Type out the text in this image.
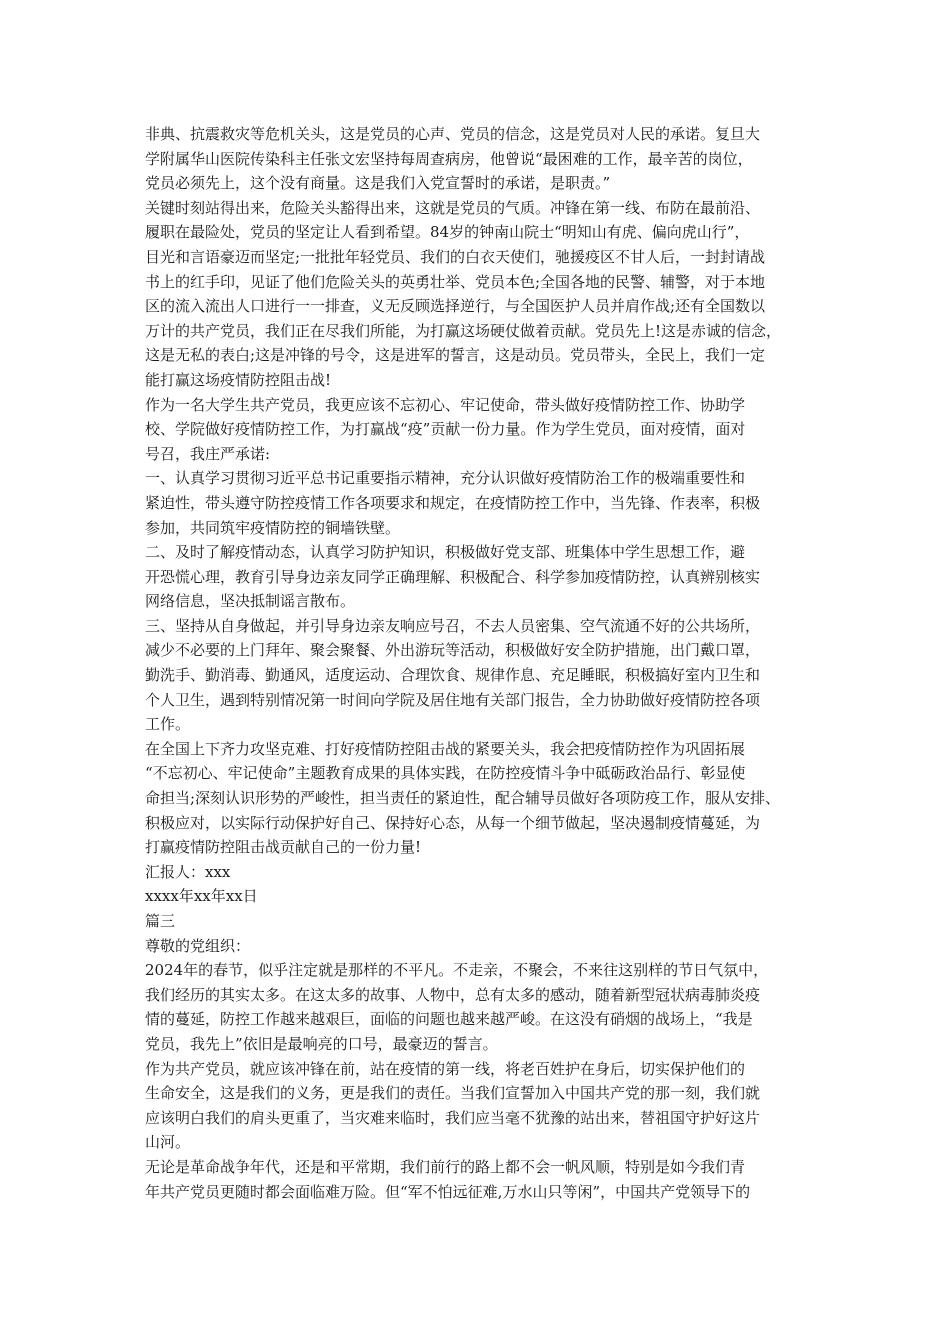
非典、抗震救灾等危机关头，这是党员的心声、党员的信念，这是党员对人民的承诺。复旦大
学附属华山医院传染科主任张文宏坚持每周查病房，他曾说“最困难的工作，最辛苦的岗位，
党员必须先上，这个没有商量。这是我们入党宣誓时的承诺，是职责。”
关键时刻站得出来，危险关头豁得出来，这就是党员的气质。冲锋在第一线、布防在最前沿、
履职在最险处，党员的坚定让人看到希望。84岁的钟南山院士“明知山有虎、偏向虎山行”，
目光和言语豪迈而坚定;一批批年轻党员、我们的白衣天使们，驰援疫区不甘人后，一封封请战
书上的红手印，见证了他们危险关头的英勇壮举、党员本色;全国各地的民警、辅警，对于本地
区的流入流出人口进行一一排查，义无反顾选择逆行，与全国医护人员并肩作战;还有全国数以
万计的共产党员，我们正在尽我们所能，为打赢这场硬仗做着贡献。党员先上!这是赤诚的信念，
这是无私的表白;这是冲锋的号令，这是进军的誓言，这是动员。党员带头，全民上，我们一定
能打赢这场疫情防控阻击战!
作为一名大学生共产党员，我更应该不忘初心、牢记使命，带头做好疫情防控工作、协助学
校、学院做好疫情防控工作，为打赢战“疫”贡献一份力量。作为学生党员，面对疫情，面对
号召，我庄严承诺:
一、认真学习贯彻习近平总书记重要指示精神，充分认识做好疫情防治工作的极端重要性和
紧迫性，带头遵守防控疫情工作各项要求和规定，在疫情防控工作中，当先锋、作表率，积极
参加，共同筑牢疫情防控的铜墙铁壁。
二、及时了解疫情动态，认真学习防护知识，积极做好党支部、班集体中学生思想工作，避
开恐慌心理，教育引导身边亲友同学正确理解、积极配合、科学参加疫情防控，认真辨别核实
网络信息，坚决抵制谣言散布。
三、坚持从自身做起，并引导身边亲友响应号召，不去人员密集、空气流通不好的公共场所，
减少不必要的上门拜年、聚会聚餐、外出游玩等活动，积极做好安全防护措施，出门戴口罩，
勤洗手、勤消毒、勤通风，适度运动、合理饮食、规律作息、充足睡眠，积极搞好室内卫生和
个人卫生，遇到特别情况第一时间向学院及居住地有关部门报告，全力协助做好疫情防控各项
工作。
在全国上下齐力攻坚克难、打好疫情防控阻击战的紧要关头，我会把疫情防控作为巩固拓展
“不忘初心、牢记使命”主题教育成果的具体实践，在防控疫情斗争中砥砺政治品行、彰显使
命担当;深刻认识形势的严峻性，担当责任的紧迫性，配合辅导员做好各项防疫工作，服从安排、
积极应对，以实际行动保护好自己、保持好心态，从每一个细节做起，坚决遏制疫情蔓延，为
打赢疫情防控阻击战贡献自己的一份力量!
汇报人：xxx
xxxx年xx年xx日
篇三
尊敬的党组织：
2024年的春节，似乎注定就是那样的不平凡。不走亲，不聚会，不来往这别样的节日气氛中，
我们经历的其实太多。在这太多的故事、人物中，总有太多的感动，随着新型冠状病毒肺炎疫
情的蔓延，防控工作越来越艰巨，面临的问题也越来越严峻。在这没有硝烟的战场上，“我是
党员，我先上”依旧是最响亮的口号，最豪迈的誓言。
作为共产党员，就应该冲锋在前，站在疫情的第一线，将老百姓护在身后，切实保护他们的
生命安全，这是我们的义务，更是我们的责任。当我们宣誓加入中国共产党的那一刻，我们就
应该明白我们的肩头更重了，当灾难来临时，我们应当毫不犹豫的站出来，替祖国守护好这片
山河。
无论是革命战争年代，还是和平常期，我们前行的路上都不会一帆风顺，特别是如今我们青
年共产党员更随时都会面临难万险。但“军不怕远征难,万水山只等闲”，中国共产党领导下的
